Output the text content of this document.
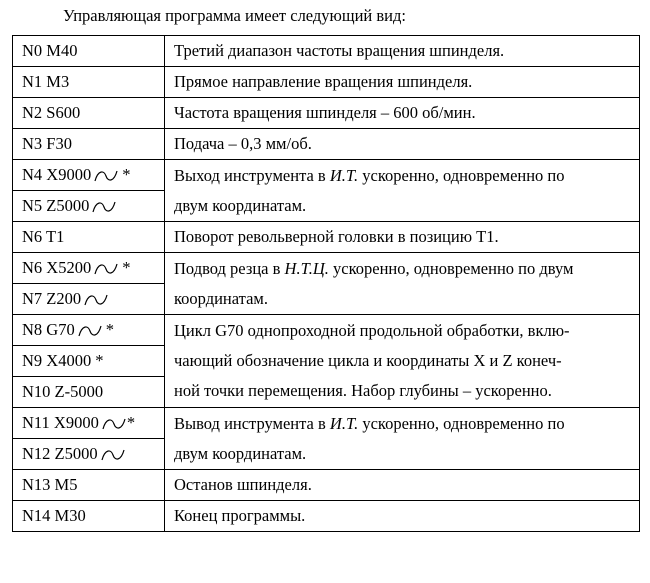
Управляющая программа имеет следующий вид:
N0 M40	Третий диапазон частоты вращения шпинделя.
N1 M3	Прямое направление вращения шпинделя.
N2 S600	Частота вращения шпинделя – 600 об/мин.
N3 F30	Подача – 0,3 мм/об.
N4 X9000 *	Выход инструмента в И.Т. ускоренно, одновременно по
двум координатам.
N5 Z5000	

N6 T1	Поворот револьверной головки в позицию Т1.
N6 X5200 *	Подвод резца в Н.Т.Ц. ускоренно, одновременно по двум
координатам.
N7 Z200	

N8 G70 *	Цикл G70 однопроходной продольной обработки, вклю-
чающий обозначение цикла и координаты X и Z конеч-
ной точки перемещения. Набор глубины – ускоренно.
N9 X4000 *	
N10 Z-5000	
N11 X9000 *	Вывод инструмента в И.Т. ускоренно, одновременно по
двум координатам.
N12 Z5000	

N13 M5	Останов шпинделя.
N14 M30	Конец программы.
